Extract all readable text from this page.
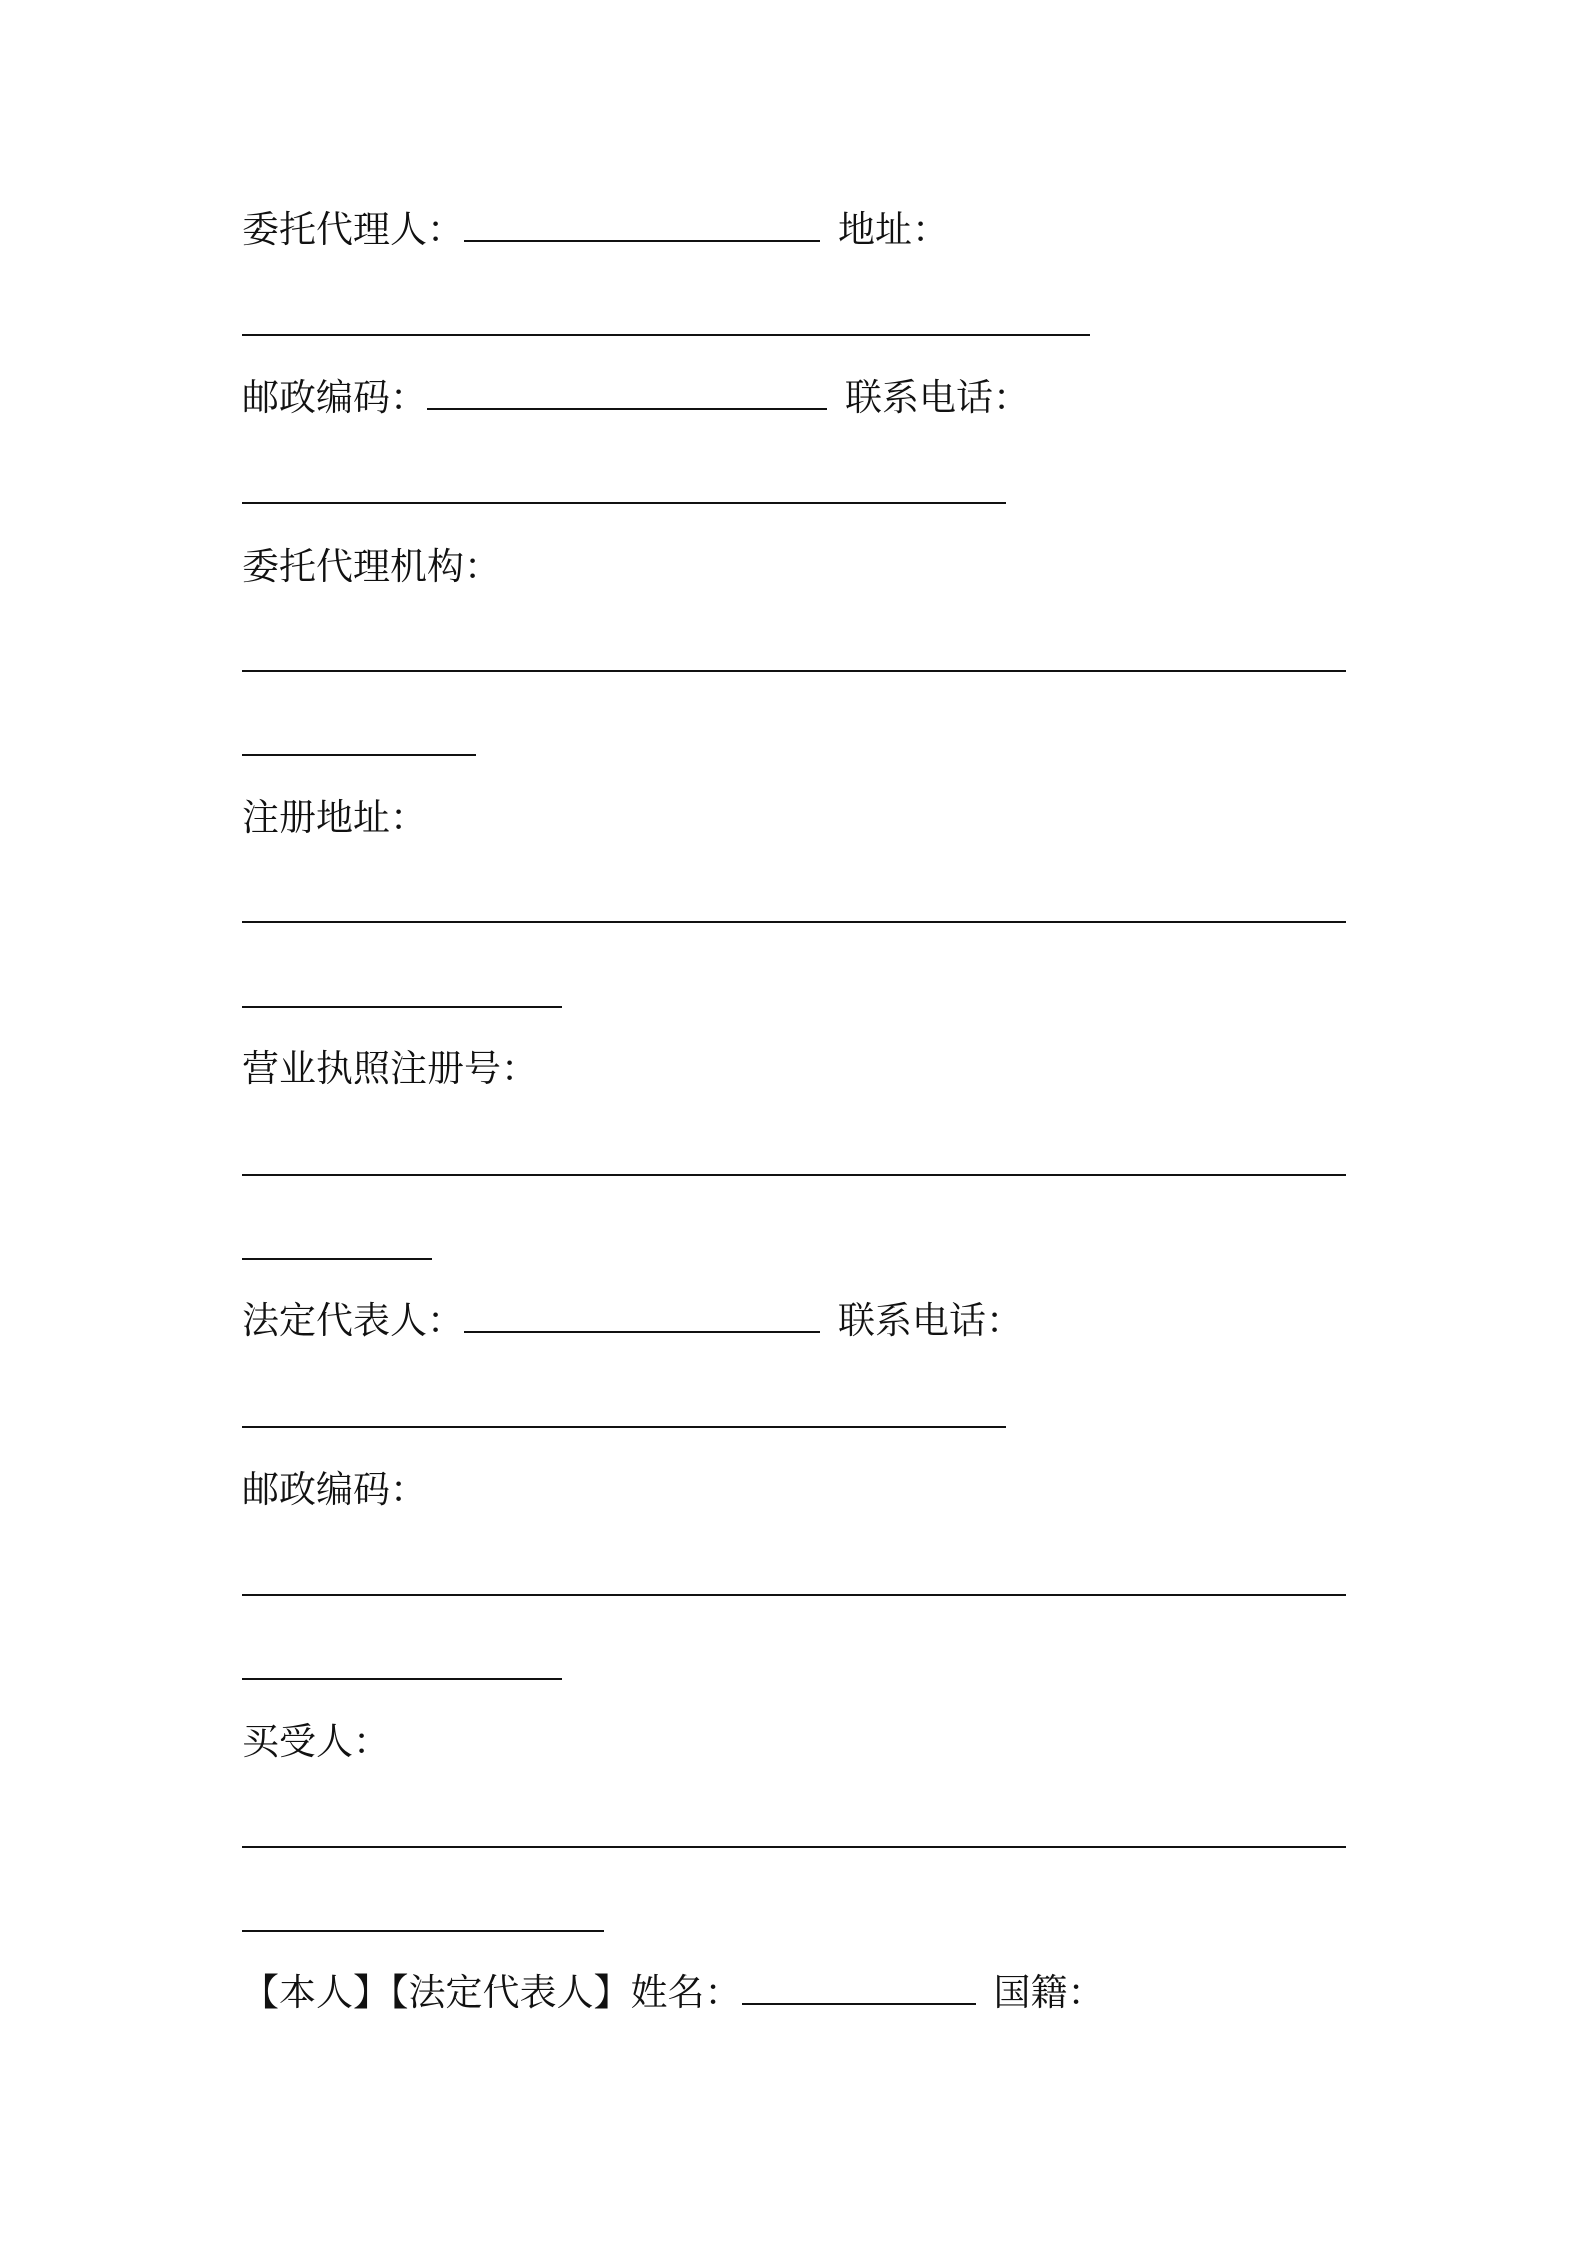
委托代理人：	地址：
邮政编码：	联系电话：
委托代理机构：
注册地址：
营业执照注册号：
法定代表人：	联系电话：
邮政编码：
买受人：
【本人】【法定代表人】姓名：	国籍：
